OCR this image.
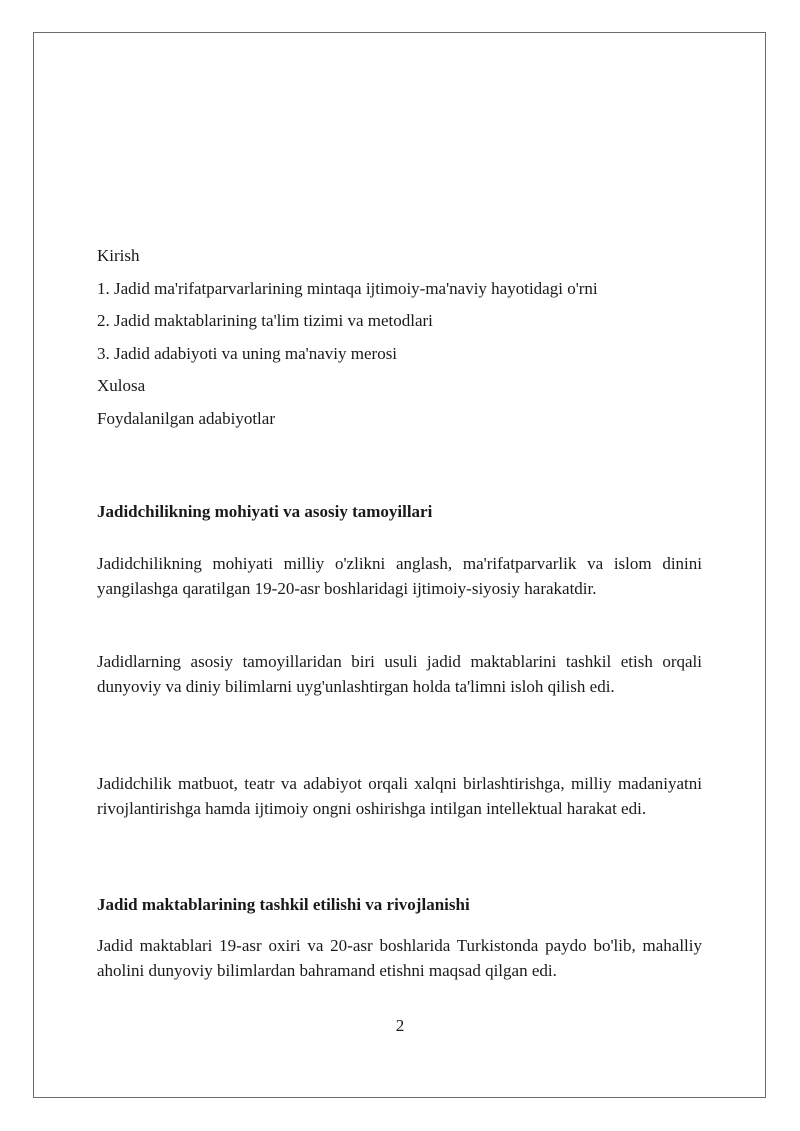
Kirish
1. Jadid ma'rifatparvarlarining mintaqa ijtimoiy-ma'naviy hayotidagi o'rni
2. Jadid maktablarining ta'lim tizimi va metodlari
3. Jadid adabiyoti va uning ma'naviy merosi
Xulosa
Foydalanilgan adabiyotlar
Jadidchilikning mohiyati va asosiy tamoyillari
Jadidchilikning mohiyati milliy o'zlikni anglash, ma'rifatparvarlik va islom dinini yangilashga qaratilgan 19-20-asr boshlaridagi ijtimoiy-siyosiy harakatdir.
Jadidlarning asosiy tamoyillaridan biri usuli jadid maktablarini tashkil etish orqali dunyoviy va diniy bilimlarni uyg'unlashtirgan holda ta'limni isloh qilish edi.
Jadidchilik matbuot, teatr va adabiyot orqali xalqni birlashtirishga, milliy madaniyatni rivojlantirishga hamda ijtimoiy ongni oshirishga intilgan intellektual harakat edi.
Jadid maktablarining tashkil etilishi va rivojlanishi
Jadid maktablari 19-asr oxiri va 20-asr boshlarida Turkistonda paydo bo'lib, mahalliy aholini dunyoviy bilimlardan bahramand etishni maqsad qilgan edi.
2
